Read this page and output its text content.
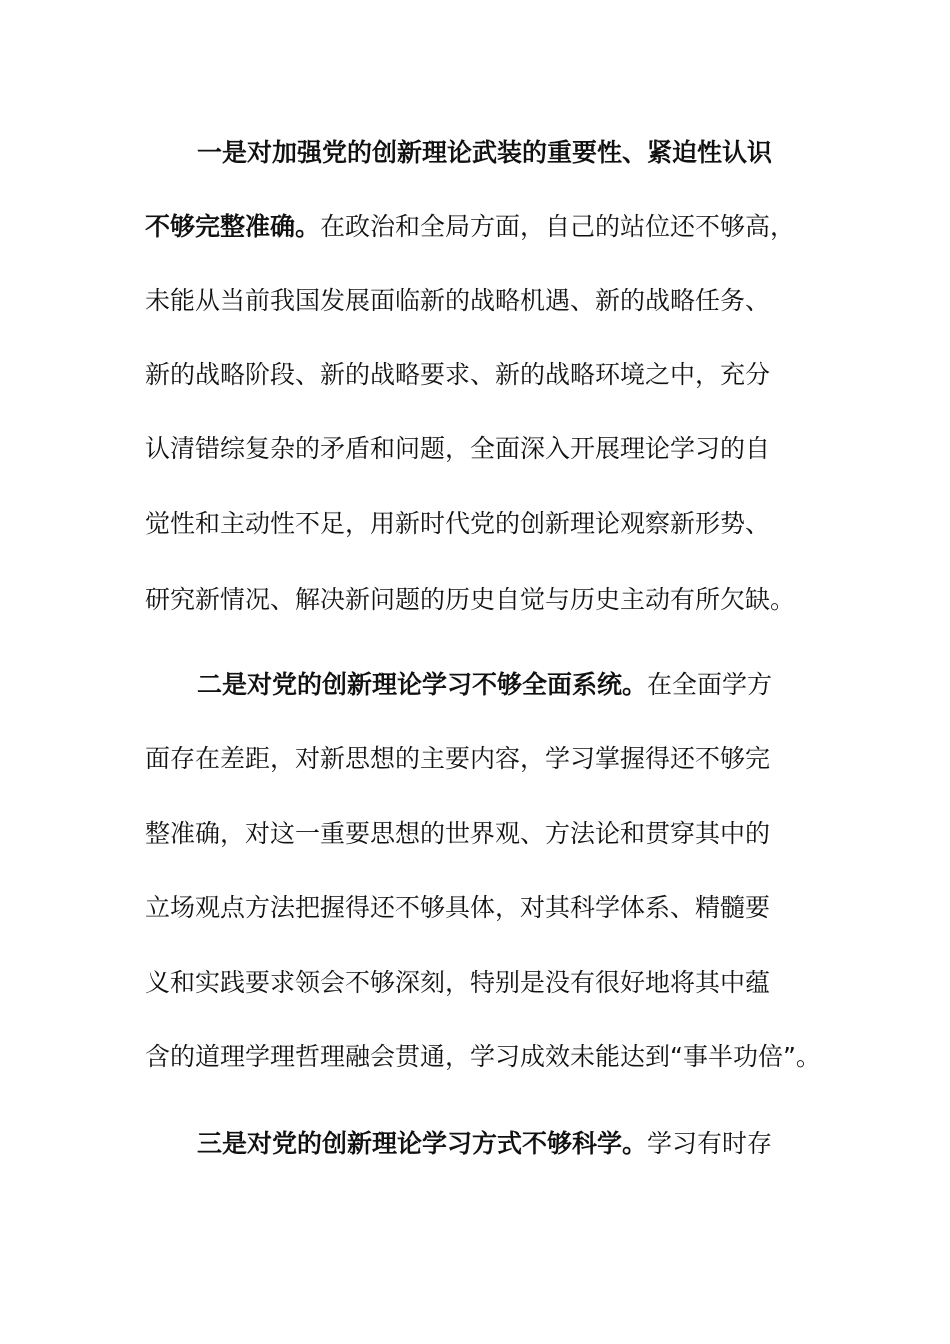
一是对加强党的创新理论武装的重要性、紧迫性认识
不够完整准确。在政治和全局方面，自己的站位还不够高，
未能从当前我国发展面临新的战略机遇、新的战略任务、
新的战略阶段、新的战略要求、新的战略环境之中，充分
认清错综复杂的矛盾和问题，全面深入开展理论学习的自
觉性和主动性不足，用新时代党的创新理论观察新形势、
研究新情况、解决新问题的历史自觉与历史主动有所欠缺。
二是对党的创新理论学习不够全面系统。在全面学方
面存在差距，对新思想的主要内容，学习掌握得还不够完
整准确，对这一重要思想的世界观、方法论和贯穿其中的
立场观点方法把握得还不够具体，对其科学体系、精髓要
义和实践要求领会不够深刻，特别是没有很好地将其中蕴
含的道理学理哲理融会贯通，学习成效未能达到“事半功倍”。
三是对党的创新理论学习方式不够科学。学习有时存
